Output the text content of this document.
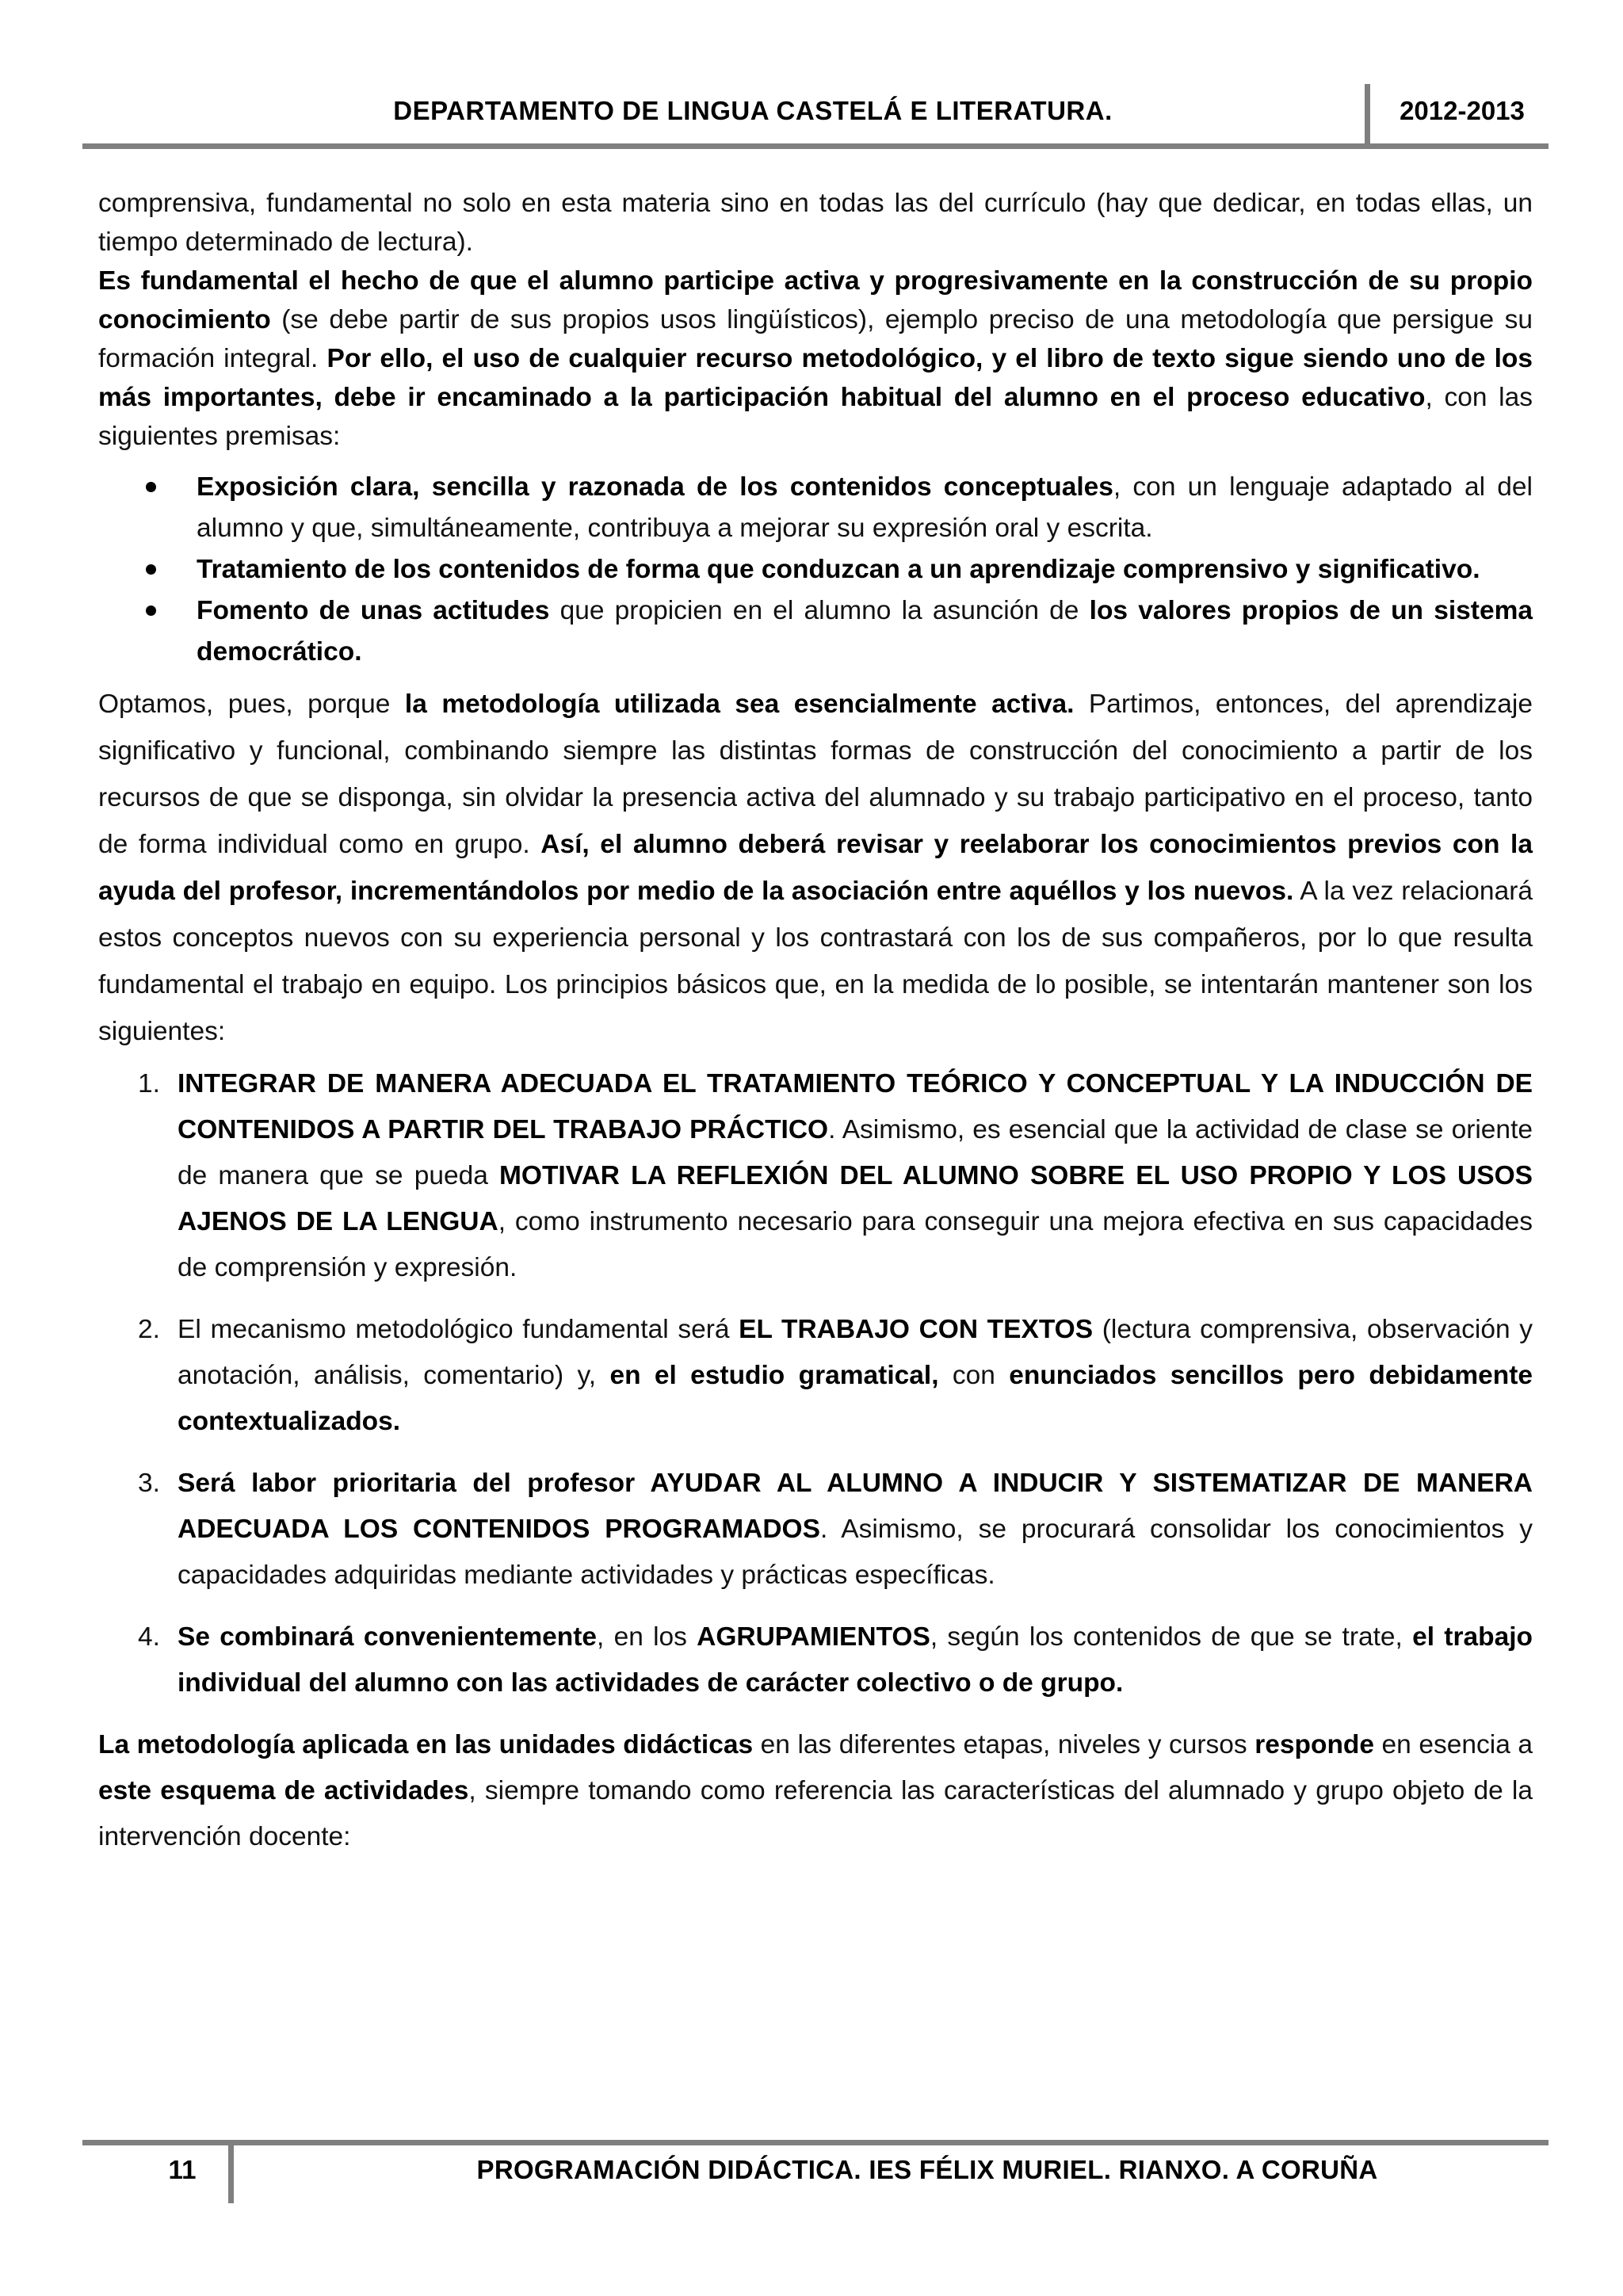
DEPARTAMENTO DE LINGUA CASTELÁ E LITERATURA.	2012-2013

comprensiva, fundamental no solo en esta materia sino en todas las del currículo (hay que dedicar, en todas ellas, un tiempo determinado de lectura).

Es fundamental el hecho de que el alumno participe activa y progresivamente en la construcción de su propio conocimiento (se debe partir de sus propios usos lingüísticos), ejemplo preciso de una metodología que persigue su formación integral. Por ello, el uso de cualquier recurso metodológico, y el libro de texto sigue siendo uno de los más importantes, debe ir encaminado a la participación habitual del alumno en el proceso educativo, con las siguientes premisas:

Exposición clara, sencilla y razonada de los contenidos conceptuales, con un lenguaje adaptado al del alumno y que, simultáneamente, contribuya a mejorar su expresión oral y escrita.
Tratamiento de los contenidos de forma que conduzcan a un aprendizaje comprensivo y significativo.
Fomento de unas actitudes que propicien en el alumno la asunción de los valores propios de un sistema democrático.

Optamos, pues, porque la metodología utilizada sea esencialmente activa. Partimos, entonces, del aprendizaje significativo y funcional, combinando siempre las distintas formas de construcción del conocimiento a partir de los recursos de que se disponga, sin olvidar la presencia activa del alumnado y su trabajo participativo en el proceso, tanto de forma individual como en grupo. Así, el alumno deberá revisar y reelaborar los conocimientos previos con la ayuda del profesor, incrementándolos por medio de la asociación entre aquéllos y los nuevos. A la vez relacionará estos conceptos nuevos con su experiencia personal y los contrastará con los de sus compañeros, por lo que resulta fundamental el trabajo en equipo. Los principios básicos que, en la medida de lo posible, se intentarán mantener son los siguientes:

1. INTEGRAR DE MANERA ADECUADA EL TRATAMIENTO TEÓRICO Y CONCEPTUAL Y LA INDUCCIÓN DE CONTENIDOS A PARTIR DEL TRABAJO PRÁCTICO. Asimismo, es esencial que la actividad de clase se oriente de manera que se pueda MOTIVAR LA REFLEXIÓN DEL ALUMNO SOBRE EL USO PROPIO Y LOS USOS AJENOS DE LA LENGUA, como instrumento necesario para conseguir una mejora efectiva en sus capacidades de comprensión y expresión.
2. El mecanismo metodológico fundamental será EL TRABAJO CON TEXTOS (lectura comprensiva, observación y anotación, análisis, comentario) y, en el estudio gramatical, con enunciados sencillos pero debidamente contextualizados.
3. Será labor prioritaria del profesor AYUDAR AL ALUMNO A INDUCIR Y SISTEMATIZAR DE MANERA ADECUADA LOS CONTENIDOS PROGRAMADOS. Asimismo, se procurará consolidar los conocimientos y capacidades adquiridas mediante actividades y prácticas específicas.
4. Se combinará convenientemente, en los AGRUPAMIENTOS, según los contenidos de que se trate, el trabajo individual del alumno con las actividades de carácter colectivo o de grupo.

La metodología aplicada en las unidades didácticas en las diferentes etapas, niveles y cursos responde en esencia a este esquema de actividades, siempre tomando como referencia las características del alumnado y grupo objeto de la intervención docente:

11	PROGRAMACIÓN DIDÁCTICA. IES FÉLIX MURIEL. RIANXO. A CORUÑA
